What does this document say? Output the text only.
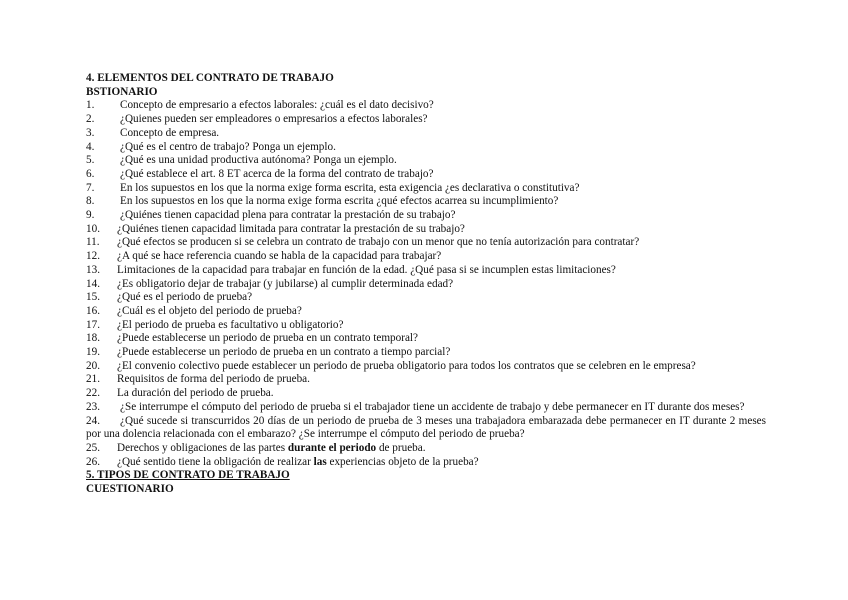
4. ELEMENTOS DEL CONTRATO DE TRABAJO
BSTIONARIO
1.	Concepto de empresario a efectos laborales: ¿cuál es el dato decisivo?
2.	¿Quienes pueden ser empleadores o empresarios a efectos laborales?
3.	Concepto de empresa.
4.	¿Qué es el centro de trabajo? Ponga un ejemplo.
5.	¿Qué es una unidad productiva autónoma? Ponga un ejemplo.
6.	¿Qué establece el art. 8 ET acerca de la forma del contrato de trabajo?
7.	En los supuestos en los que la norma exige forma escrita, esta exigencia ¿es declarativa o constitutiva?
8.	En los supuestos en los que la norma exige forma escrita ¿qué efectos acarrea su incumplimiento?
9.	¿Quiénes tienen capacidad plena para contratar la prestación de su trabajo?
10.	¿Quiénes tienen capacidad limitada para contratar la prestación de su trabajo?
11.	¿Qué efectos se producen si se celebra un contrato de trabajo con un menor que no tenía autorización para contratar?
12.	¿A qué se hace referencia cuando se habla de la capacidad para trabajar?
13.	Limitaciones de la capacidad para trabajar en función de la edad. ¿Qué pasa si se incumplen estas limitaciones?
14.	¿Es obligatorio dejar de trabajar (y jubilarse) al cumplir determinada edad?
15.	¿Qué es el periodo de prueba?
16.	¿Cuál es el objeto del periodo de prueba?
17.	¿El periodo de prueba es facultativo u obligatorio?
18.	¿Puede establecerse un periodo de prueba en un contrato temporal?
19.	¿Puede establecerse un periodo de prueba en un contrato a tiempo parcial?
20.	¿El convenio colectivo puede establecer un periodo de prueba obligatorio para todos los contratos que se celebren en le empresa?
21.	Requisitos de forma del periodo de prueba.
22.	La duración del periodo de prueba.
23. ¿Se interrumpe el cómputo del periodo de prueba si el trabajador tiene un accidente de trabajo y debe permanecer en IT durante dos meses?
24. ¿Qué sucede si transcurridos 20 días de un periodo de prueba de 3 meses una trabajadora embarazada debe permanecer en IT durante 2 meses por una dolencia relacionada con el embarazo? ¿Se interrumpe el cómputo del periodo de prueba?
25.	Derechos y obligaciones de las partes durante el periodo de prueba.
26.	¿Qué sentido tiene la obligación de realizar las experiencias objeto de la prueba?
5. TIPOS DE CONTRATO DE TRABAJO
CUESTIONARIO
